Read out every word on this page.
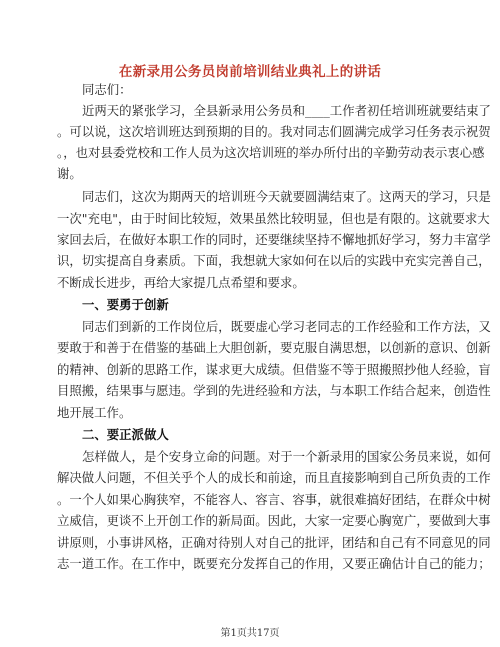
在新录用公务员岗前培训结业典礼上的讲话
同志们：
近两天的紧张学习，全县新录用公务员和____工作者初任培训班就要结束了
。可以说，这次培训班达到预期的目的。我对同志们圆满完成学习任务表示祝贺
。，也对县委党校和工作人员为这次培训班的举办所付出的辛勤劳动表示衷心感
谢。
同志们，这次为期两天的培训班今天就要圆满结束了。这两天的学习，只是
一次"充电"，由于时间比较短，效果虽然比较明显，但也是有限的。这就要求大
家回去后，在做好本职工作的同时，还要继续坚持不懈地抓好学习，努力丰富学
识，切实提高自身素质。下面，我想就大家如何在以后的实践中充实完善自己，
不断成长进步，再给大家提几点希望和要求。
一、要勇于创新
同志们到新的工作岗位后，既要虚心学习老同志的工作经验和工作方法，又
要敢于和善于在借鉴的基础上大胆创新，要克服自满思想，以创新的意识、创新
的精神、创新的思路工作，谋求更大成绩。但借鉴不等于照搬照抄他人经验，盲
目照搬，结果事与愿违。学到的先进经验和方法，与本职工作结合起来，创造性
地开展工作。
二、要正派做人
怎样做人，是个安身立命的问题。对于一个新录用的国家公务员来说，如何
解决做人问题，不但关乎个人的成长和前途，而且直接影响到自己所负责的工作
。一个人如果心胸狭窄，不能容人、容言、容事，就很难搞好团结，在群众中树
立威信，更谈不上开创工作的新局面。因此，大家一定要心胸宽广，要做到大事
讲原则，小事讲风格，正确对待别人对自己的批评，团结和自己有不同意见的同
志一道工作。在工作中，既要充分发挥自己的作用，又要正确估计自己的能力；
第1页共17页
